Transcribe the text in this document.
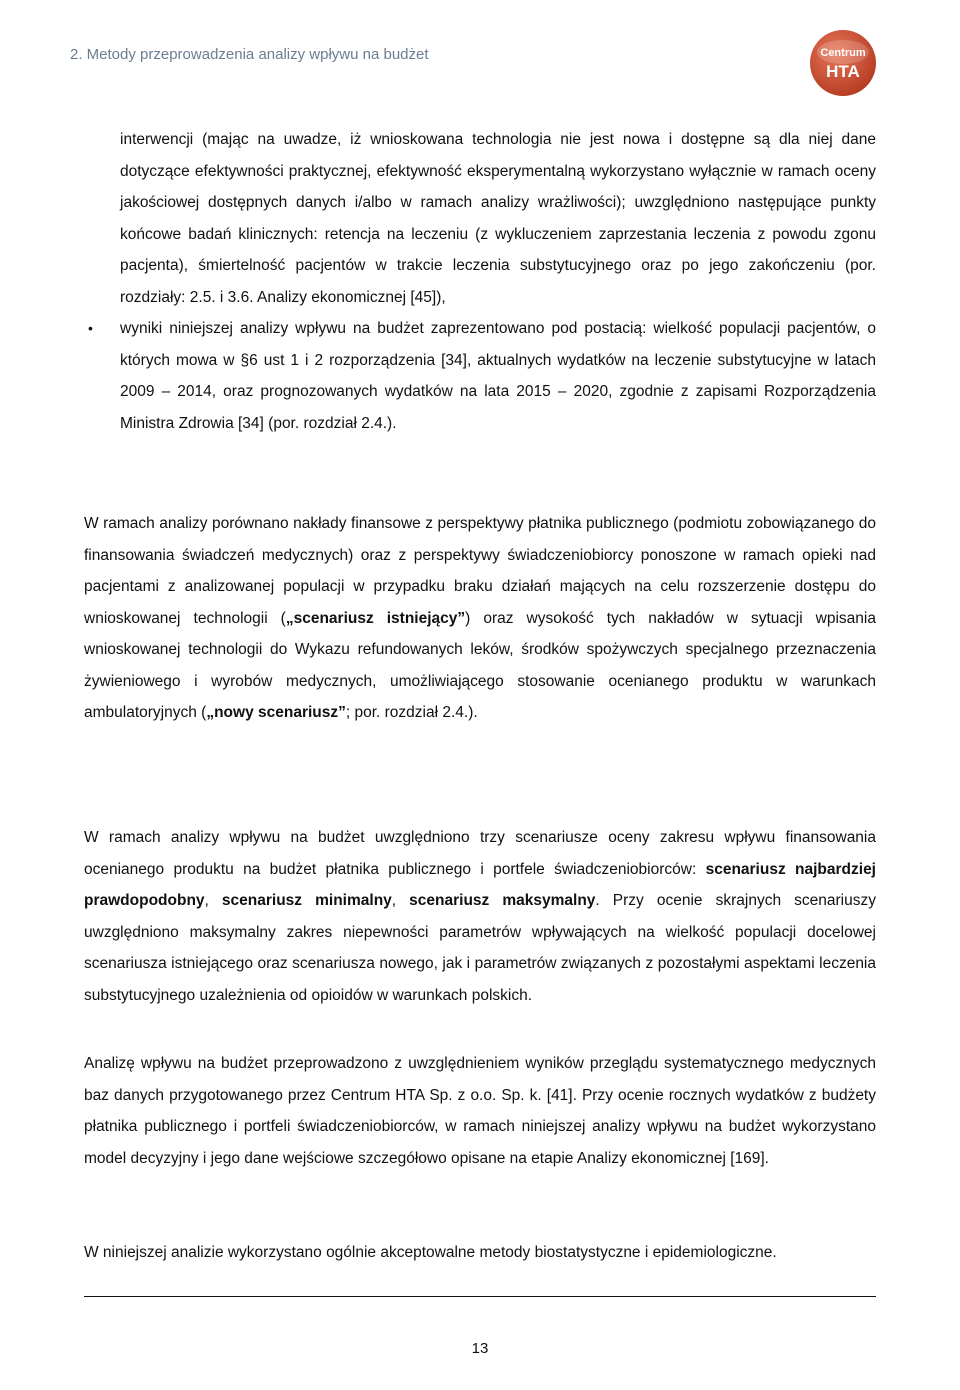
2. Metody przeprowadzenia analizy wpływu na budżet	Centrum
HTA

interwencji (mając na uwadze, iż wnioskowana technologia nie jest nowa i dostępne są dla niej dane dotyczące efektywności praktycznej, efektywność eksperymentalną wykorzystano wyłącznie w ramach oceny jakościowej dostępnych danych i/albo w ramach analizy wrażliwości); uwzględniono następujące punkty końcowe badań klinicznych: retencja na leczeniu (z wykluczeniem zaprzestania leczenia z powodu zgonu pacjenta), śmiertelność pacjentów w trakcie leczenia substytucyjnego oraz po jego zakończeniu (por. rozdziały: 2.5. i 3.6. Analizy ekonomicznej [45]),

• wyniki niniejszej analizy wpływu na budżet zaprezentowano pod postacią: wielkość populacji pacjentów, o których mowa w §6 ust 1 i 2 rozporządzenia [34], aktualnych wydatków na leczenie substytucyjne w latach 2009 – 2014, oraz prognozowanych wydatków na lata 2015 – 2020, zgodnie z zapisami Rozporządzenia Ministra Zdrowia [34] (por. rozdział 2.4.).

W ramach analizy porównano nakłady finansowe z perspektywy płatnika publicznego (podmiotu zobowiązanego do finansowania świadczeń medycznych) oraz z perspektywy świadczeniobiorcy ponoszone w ramach opieki nad pacjentami z analizowanej populacji w przypadku braku działań mających na celu rozszerzenie dostępu do wnioskowanej technologii („scenariusz istniejący”) oraz wysokość tych nakładów w sytuacji wpisania wnioskowanej technologii do Wykazu refundowanych leków, środków spożywczych specjalnego przeznaczenia żywieniowego i wyrobów medycznych, umożliwiającego stosowanie ocenianego produktu w warunkach ambulatoryjnych („nowy scenariusz”; por. rozdział 2.4.).

W ramach analizy wpływu na budżet uwzględniono trzy scenariusze oceny zakresu wpływu finansowania ocenianego produktu na budżet płatnika publicznego i portfele świadczeniobiorców: scenariusz najbardziej prawdopodobny, scenariusz minimalny, scenariusz maksymalny. Przy ocenie skrajnych scenariuszy uwzględniono maksymalny zakres niepewności parametrów wpływających na wielkość populacji docelowej scenariusza istniejącego oraz scenariusza nowego, jak i parametrów związanych z pozostałymi aspektami leczenia substytucyjnego uzależnienia od opioidów w warunkach polskich.

Analizę wpływu na budżet przeprowadzono z uwzględnieniem wyników przeglądu systematycznego medycznych baz danych przygotowanego przez Centrum HTA Sp. z o.o. Sp. k. [41]. Przy ocenie rocznych wydatków z budżety płatnika publicznego i portfeli świadczeniobiorców, w ramach niniejszej analizy wpływu na budżet wykorzystano model decyzyjny i jego dane wejściowe szczegółowo opisane na etapie Analizy ekonomicznej [169].

W niniejszej analizie wykorzystano ogólnie akceptowalne metody biostatystyczne i epidemiologiczne.

13
